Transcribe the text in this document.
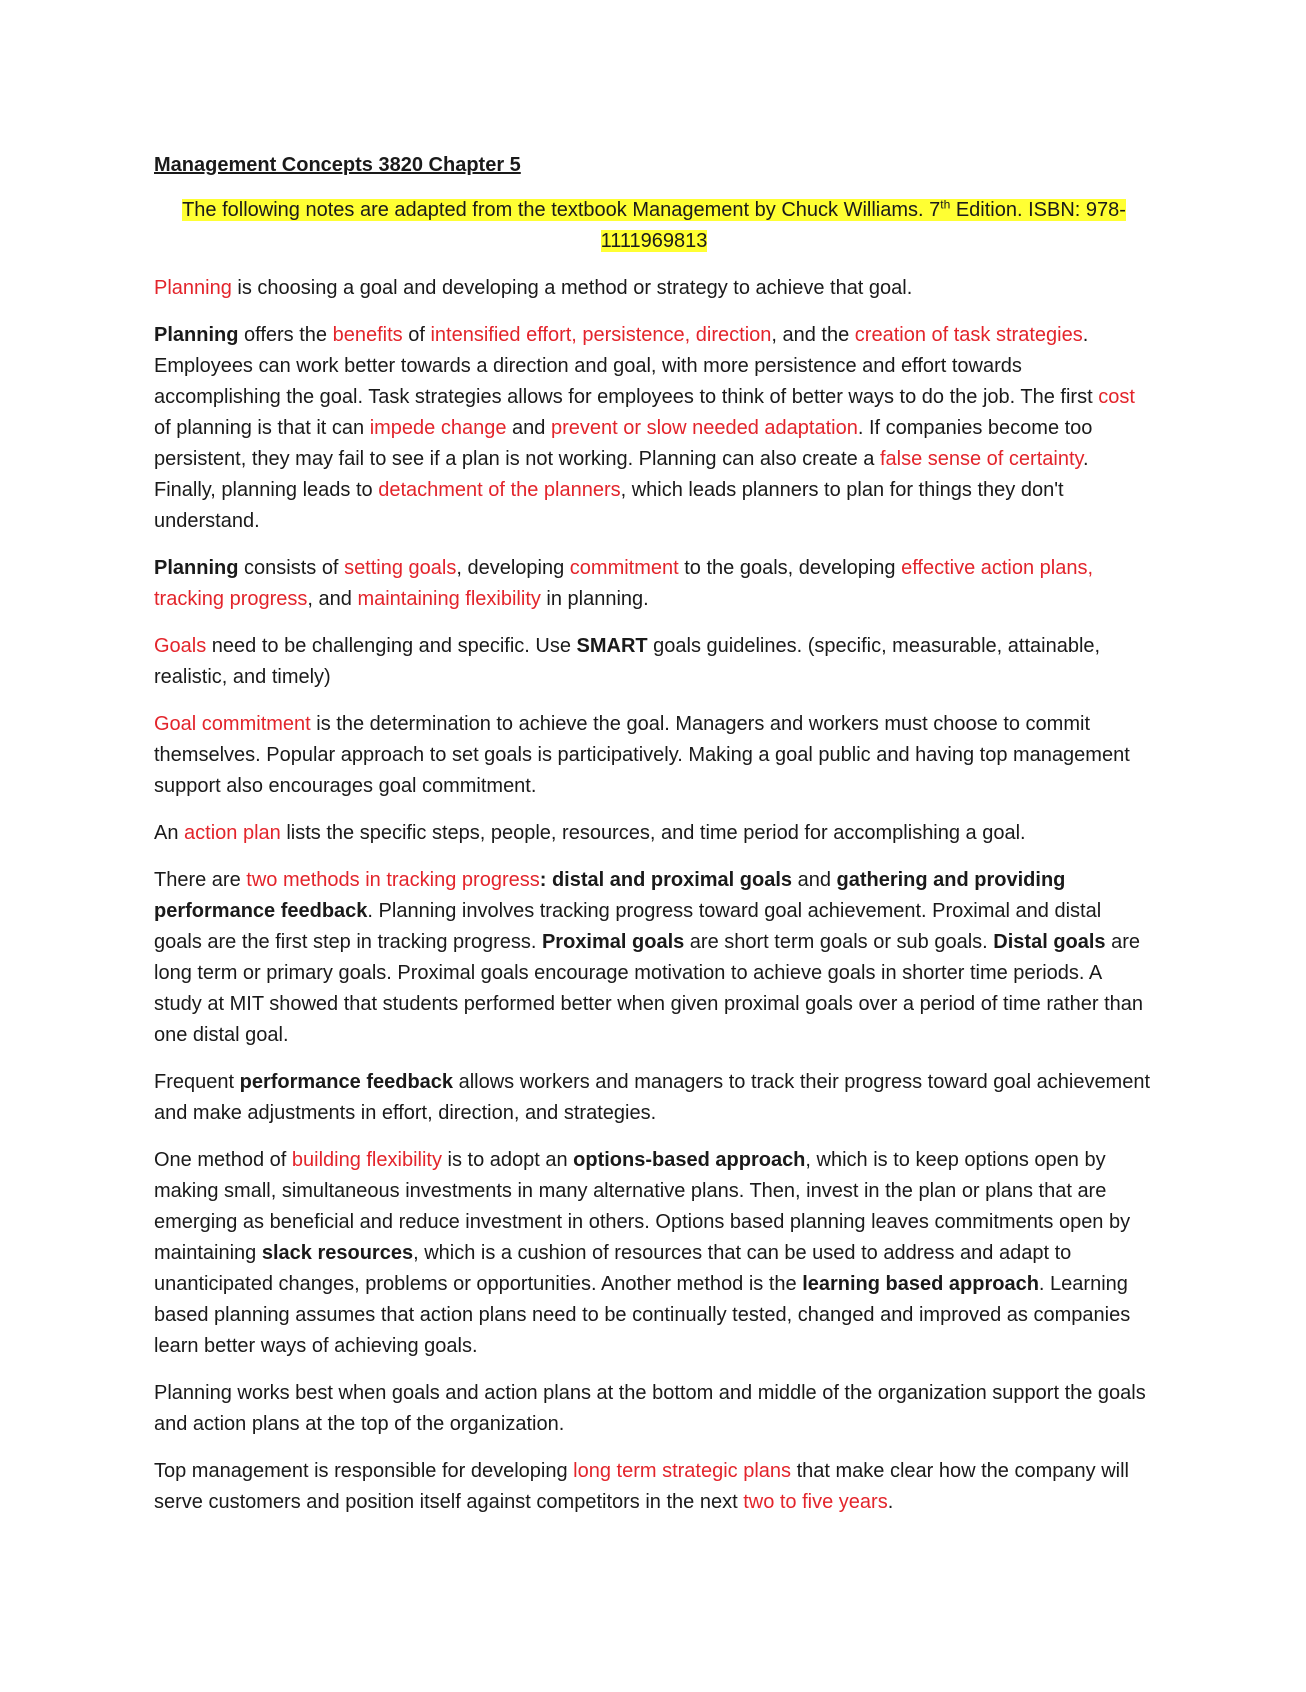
Management Concepts 3820 Chapter 5
The following notes are adapted from the textbook Management by Chuck Williams. 7th Edition. ISBN: 978-1111969813

Planning is choosing a goal and developing a method or strategy to achieve that goal.

Planning offers the benefits of intensified effort, persistence, direction, and the creation of task strategies. Employees can work better towards a direction and goal, with more persistence and effort towards accomplishing the goal. Task strategies allows for employees to think of better ways to do the job. The first cost of planning is that it can impede change and prevent or slow needed adaptation. If companies become too persistent, they may fail to see if a plan is not working. Planning can also create a false sense of certainty. Finally, planning leads to detachment of the planners, which leads planners to plan for things they don't understand.

Planning consists of setting goals, developing commitment to the goals, developing effective action plans, tracking progress, and maintaining flexibility in planning.

Goals need to be challenging and specific. Use SMART goals guidelines. (specific, measurable, attainable, realistic, and timely)

Goal commitment is the determination to achieve the goal. Managers and workers must choose to commit themselves. Popular approach to set goals is participatively. Making a goal public and having top management support also encourages goal commitment.

An action plan lists the specific steps, people, resources, and time period for accomplishing a goal.

There are two methods in tracking progress: distal and proximal goals and gathering and providing performance feedback. Planning involves tracking progress toward goal achievement. Proximal and distal goals are the first step in tracking progress. Proximal goals are short term goals or sub goals. Distal goals are long term or primary goals. Proximal goals encourage motivation to achieve goals in shorter time periods. A study at MIT showed that students performed better when given proximal goals over a period of time rather than one distal goal.

Frequent performance feedback allows workers and managers to track their progress toward goal achievement and make adjustments in effort, direction, and strategies.

One method of building flexibility is to adopt an options-based approach, which is to keep options open by making small, simultaneous investments in many alternative plans. Then, invest in the plan or plans that are emerging as beneficial and reduce investment in others. Options based planning leaves commitments open by maintaining slack resources, which is a cushion of resources that can be used to address and adapt to unanticipated changes, problems or opportunities. Another method is the learning based approach. Learning based planning assumes that action plans need to be continually tested, changed and improved as companies learn better ways of achieving goals.

Planning works best when goals and action plans at the bottom and middle of the organization support the goals and action plans at the top of the organization.

Top management is responsible for developing long term strategic plans that make clear how the company will serve customers and position itself against competitors in the next two to five years.
